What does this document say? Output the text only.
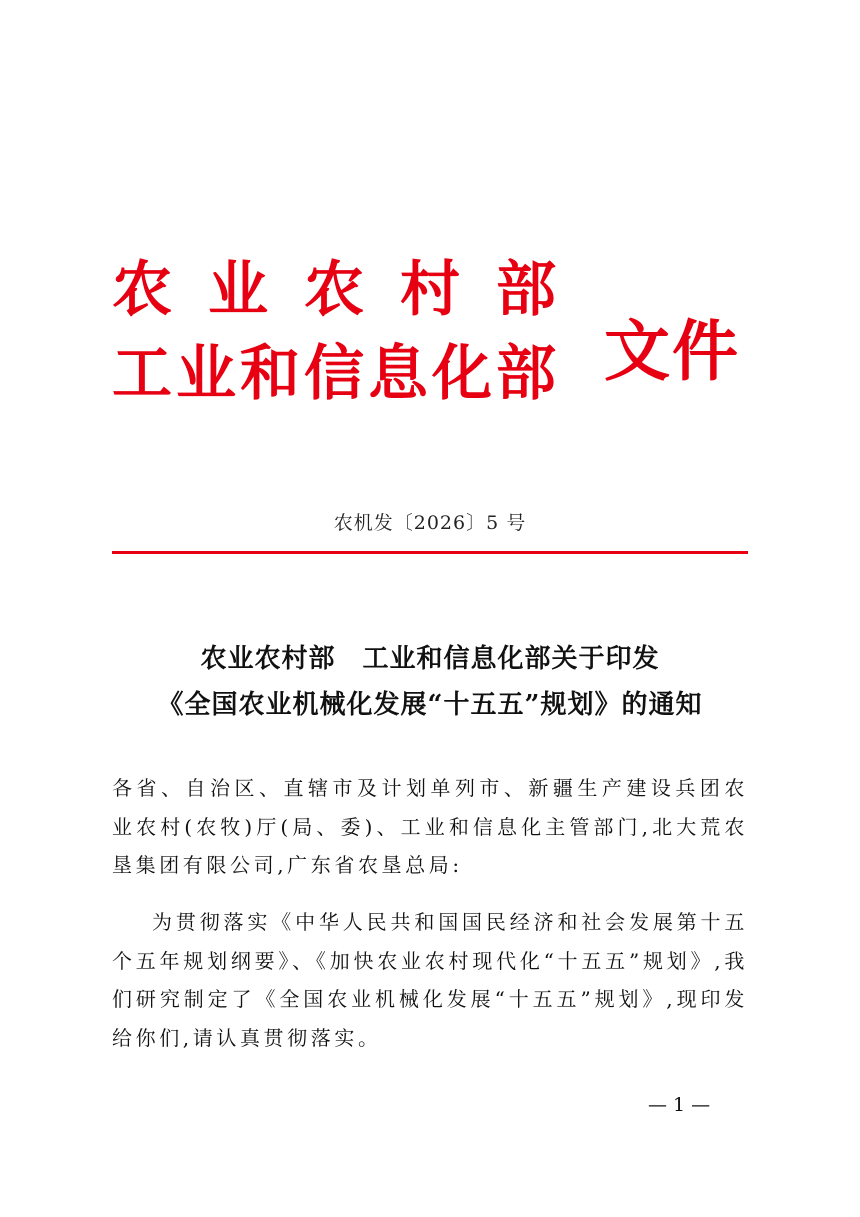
农业农村部
工业和信息化部 文件
农机发〔2026〕5 号
农业农村部　工业和信息化部关于印发
《全国农业机械化发展“十五五”规划》的通知
各省、自治区、直辖市及计划单列市、新疆生产建设兵团农业农村(农牧)厅(局、委)、工业和信息化主管部门,北大荒农垦集团有限公司,广东省农垦总局:
为贯彻落实《中华人民共和国国民经济和社会发展第十五个五年规划纲要》、《加快农业农村现代化“十五五”规划》,我们研究制定了《全国农业机械化发展“十五五”规划》,现印发给你们,请认真贯彻落实。
— 1 —
